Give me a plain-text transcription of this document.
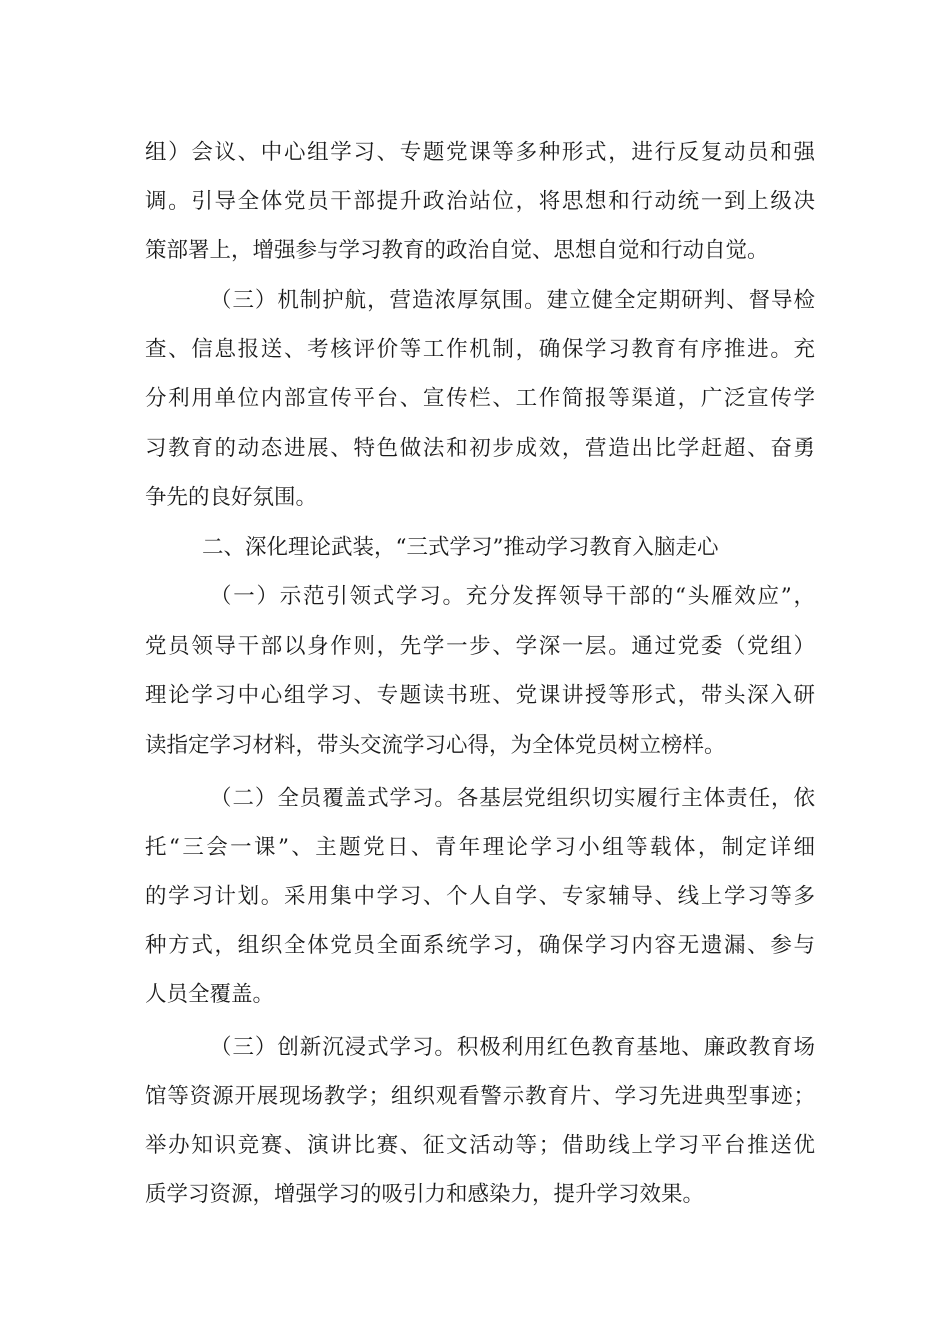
组）会议、中心组学习、专题党课等多种形式，进行反复动员和强
调。引导全体党员干部提升政治站位，将思想和行动统一到上级决
策部署上，增强参与学习教育的政治自觉、思想自觉和行动自觉。
（三）机制护航，营造浓厚氛围。建立健全定期研判、督导检
查、信息报送、考核评价等工作机制，确保学习教育有序推进。充
分利用单位内部宣传平台、宣传栏、工作简报等渠道，广泛宣传学
习教育的动态进展、特色做法和初步成效，营造出比学赶超、奋勇
争先的良好氛围。
二、深化理论武装，“三式学习”推动学习教育入脑走心
（一）示范引领式学习。充分发挥领导干部的“头雁效应”，
党员领导干部以身作则，先学一步、学深一层。通过党委（党组）
理论学习中心组学习、专题读书班、党课讲授等形式，带头深入研
读指定学习材料，带头交流学习心得，为全体党员树立榜样。
（二）全员覆盖式学习。各基层党组织切实履行主体责任，依
托“三会一课”、主题党日、青年理论学习小组等载体，制定详细
的学习计划。采用集中学习、个人自学、专家辅导、线上学习等多
种方式，组织全体党员全面系统学习，确保学习内容无遗漏、参与
人员全覆盖。
（三）创新沉浸式学习。积极利用红色教育基地、廉政教育场
馆等资源开展现场教学；组织观看警示教育片、学习先进典型事迹；
举办知识竞赛、演讲比赛、征文活动等；借助线上学习平台推送优
质学习资源，增强学习的吸引力和感染力，提升学习效果。
